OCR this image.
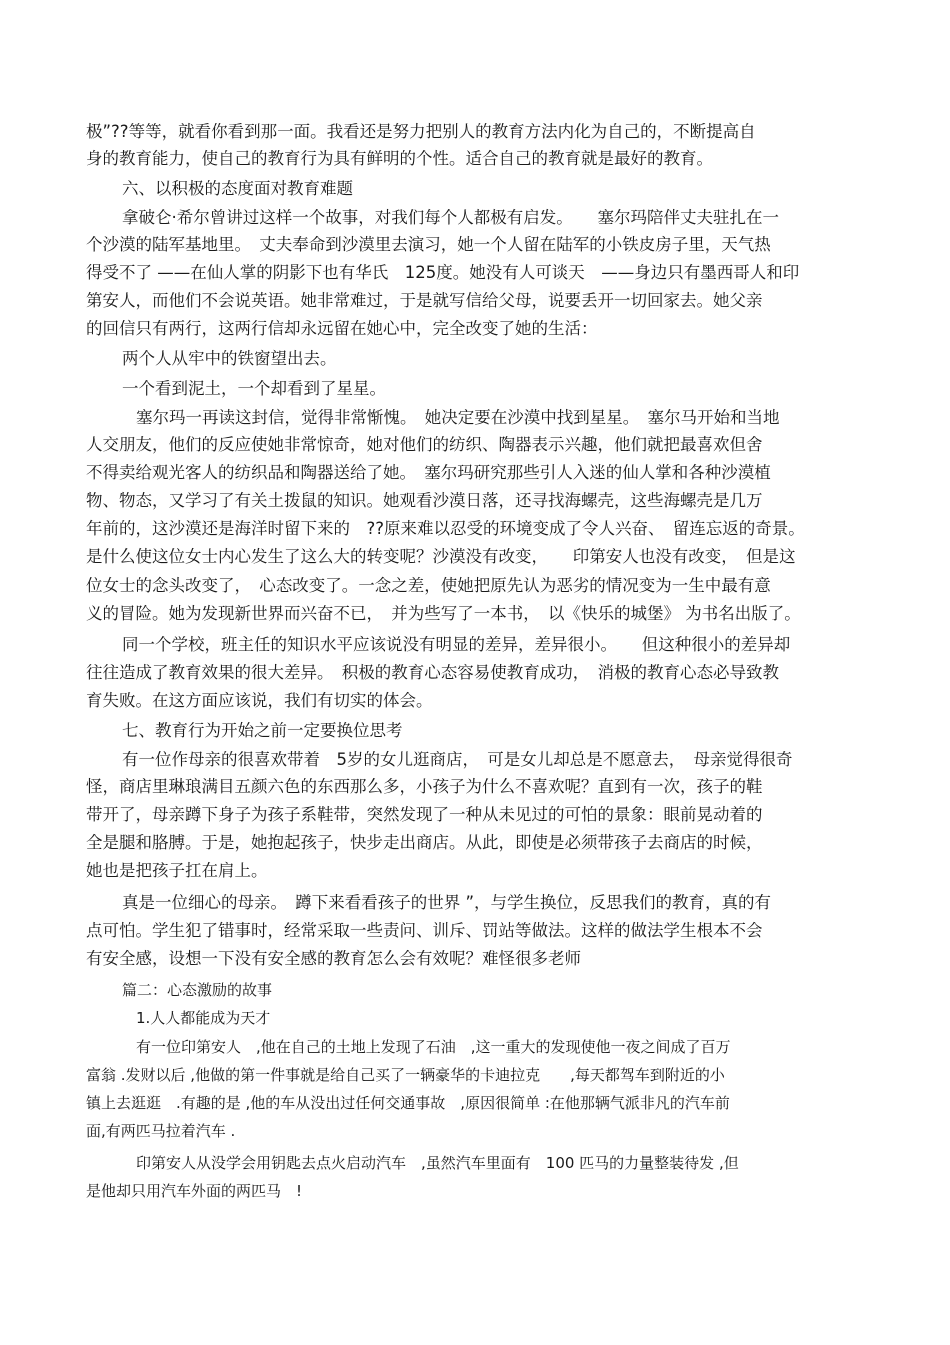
极”??等等，就看你看到那一面。我看还是努力把别人的教育方法内化为自己的，不断提高自
身的教育能力，使自己的教育行为具有鲜明的个性。适合自己的教育就是最好的教育。
六、以积极的态度面对教育难题
拿破仑·希尔曾讲过这样一个故事，对我们每个人都极有启发。　　塞尔玛陪伴丈夫驻扎在一
个沙漠的陆军基地里。　丈夫奉命到沙漠里去演习，她一个人留在陆军的小铁皮房子里，天气热
得受不了 ——在仙人掌的阴影下也有华氏　125度。她没有人可谈天　——身边只有墨西哥人和印
第安人，而他们不会说英语。她非常难过，于是就写信给父母，说要丢开一切回家去。她父亲
的回信只有两行，这两行信却永远留在她心中，完全改变了她的生活：
两个人从牢中的铁窗望出去。
一个看到泥土，一个却看到了星星。
塞尔玛一再读这封信，觉得非常惭愧。　她决定要在沙漠中找到星星。　塞尔马开始和当地
人交朋友，他们的反应使她非常惊奇，她对他们的纺织、陶器表示兴趣，他们就把最喜欢但舍
不得卖给观光客人的纺织品和陶器送给了她。　塞尔玛研究那些引人入迷的仙人掌和各种沙漠植
物、物态，又学习了有关土拨鼠的知识。她观看沙漠日落，还寻找海螺壳，这些海螺壳是几万
年前的，这沙漠还是海洋时留下来的　??原来难以忍受的环境变成了令人兴奋、　留连忘返的奇景。
是什么使这位女士内心发生了这么大的转变呢？沙漠没有改变，　　印第安人也没有改变，　但是这
位女士的念头改变了，　心态改变了。一念之差，使她把原先认为恶劣的情况变为一生中最有意
义的冒险。她为发现新世界而兴奋不已，　并为些写了一本书，　以《快乐的城堡》 为书名出版了。
同一个学校，班主任的知识水平应该说没有明显的差异，差异很小。　　但这种很小的差异却
往往造成了教育效果的很大差异。　积极的教育心态容易使教育成功，　消极的教育心态必导致教
育失败。在这方面应该说，我们有切实的体会。
七、教育行为开始之前一定要换位思考
有一位作母亲的很喜欢带着　5岁的女儿逛商店，　可是女儿却总是不愿意去，　母亲觉得很奇
怪，商店里琳琅满目五颜六色的东西那么多，小孩子为什么不喜欢呢？直到有一次，孩子的鞋
带开了，母亲蹲下身子为孩子系鞋带，突然发现了一种从未见过的可怕的景象：眼前晃动着的
全是腿和胳膊。于是，她抱起孩子，快步走出商店。从此，即使是必须带孩子去商店的时候，
她也是把孩子扛在肩上。
真是一位细心的母亲。　蹲下来看看孩子的世界 ”，与学生换位，反思我们的教育，真的有
点可怕。学生犯了错事时，经常采取一些责问、训斥、罚站等做法。这样的做法学生根本不会
有安全感，设想一下没有安全感的教育怎么会有效呢？难怪很多老师
篇二：心态激励的故事
1.人人都能成为天才
有一位印第安人　,他在自己的土地上发现了石油　,这一重大的发现使他一夜之间成了百万
富翁 .发财以后 ,他做的第一件事就是给自己买了一辆豪华的卡迪拉克　　,每天都驾车到附近的小
镇上去逛逛　.有趣的是 ,他的车从没出过任何交通事故　,原因很简单 :在他那辆气派非凡的汽车前
面,有两匹马拉着汽车 .
印第安人从没学会用钥匙去点火启动汽车　,虽然汽车里面有　100 匹马的力量整装待发 ,但
是他却只用汽车外面的两匹马　!
